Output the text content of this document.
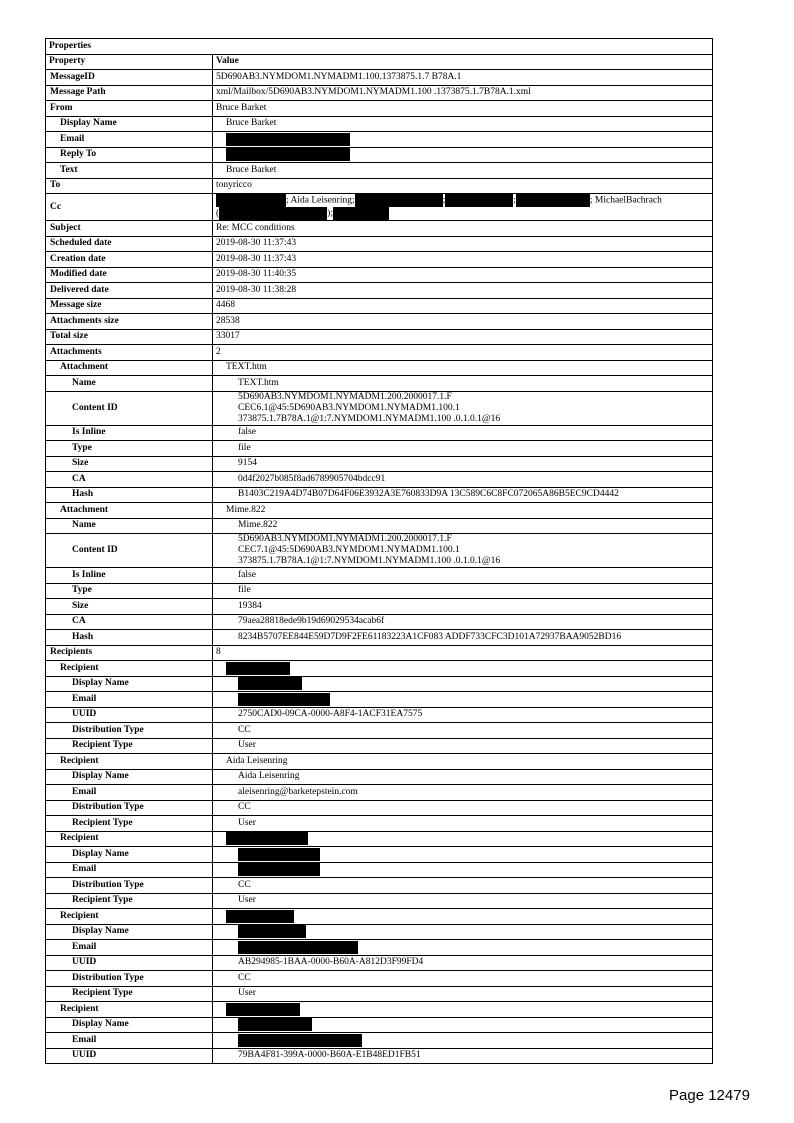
Properties	
Property	Value
MessageID	5D690AB3.NYMDOM1.NYMADM1.100.1373875.1.7 B78A.1
Message Path	xml/Mailbox/5D690AB3.NYMDOM1.NYMADM1.100 .1373875.1.7B78A.1.xml
From	Bruce Barket
Display Name	Bruce Barket
Email	
Reply To	
Text	Bruce Barket
To	tonyricco
Cc	; Aida Leisenring; ; ; ; MichaelBachrach
( );

Subject	Re: MCC conditions
Scheduled date	2019-08-30 11:37:43
Creation date	2019-08-30 11:37:43
Modified date	2019-08-30 11:40:35
Delivered date	2019-08-30 11:38:28
Message size	4468
Attachments size	28538
Total size	33017
Attachments	2
Attachment	TEXT.htm
Name	TEXT.htm
Content ID	5D690AB3.NYMDOM1.NYMADM1.200.2000017.1.F
CEC6.1@45:5D690AB3.NYMDOM1.NYMADM1.100.1
373875.1.7B78A.1@1:7.NYMDOM1.NYMADM1.100 .0.1.0.1@16

Is Inline	false
Type	file
Size	9154
CA	0d4f2027b085f8ad6789905704bdcc91
Hash	B1403C219A4D74B07D64F06E3932A3E760833D9A 13C589C6C8FC072065A86B5EC9CD4442
Attachment	Mime.822
Name	Mime.822
Content ID	5D690AB3.NYMDOM1.NYMADM1.200.2000017.1.F
CEC7.1@45:5D690AB3.NYMDOM1.NYMADM1.100.1
373875.1.7B78A.1@1:7.NYMDOM1.NYMADM1.100 .0.1.0.1@16

Is Inline	false
Type	file
Size	19384
CA	79aea28818ede9b19d69029534acab6f
Hash	8234B5707EE844E59D7D9F2FE61183223A1CF083 ADDF733CFC3D101A72937BAA9052BD16
Recipients	8
Recipient	
Display Name	
Email	
UUID	2750CAD0-09CA-0000-A8F4-1ACF31EA7575
Distribution Type	CC
Recipient Type	User
Recipient	Aida Leisenring
Display Name	Aida Leisenring
Email	aleisenring@barketepstein.com
Distribution Type	CC
Recipient Type	User
Recipient	
Display Name	
Email	
Distribution Type	CC
Recipient Type	User
Recipient	
Display Name	
Email	
UUID	AB294985-1BAA-0000-B60A-A812D3F99FD4
Distribution Type	CC
Recipient Type	User
Recipient	
Display Name	
Email	
UUID	79BA4F81-399A-0000-B60A-E1B48ED1FB51
Page 12479
